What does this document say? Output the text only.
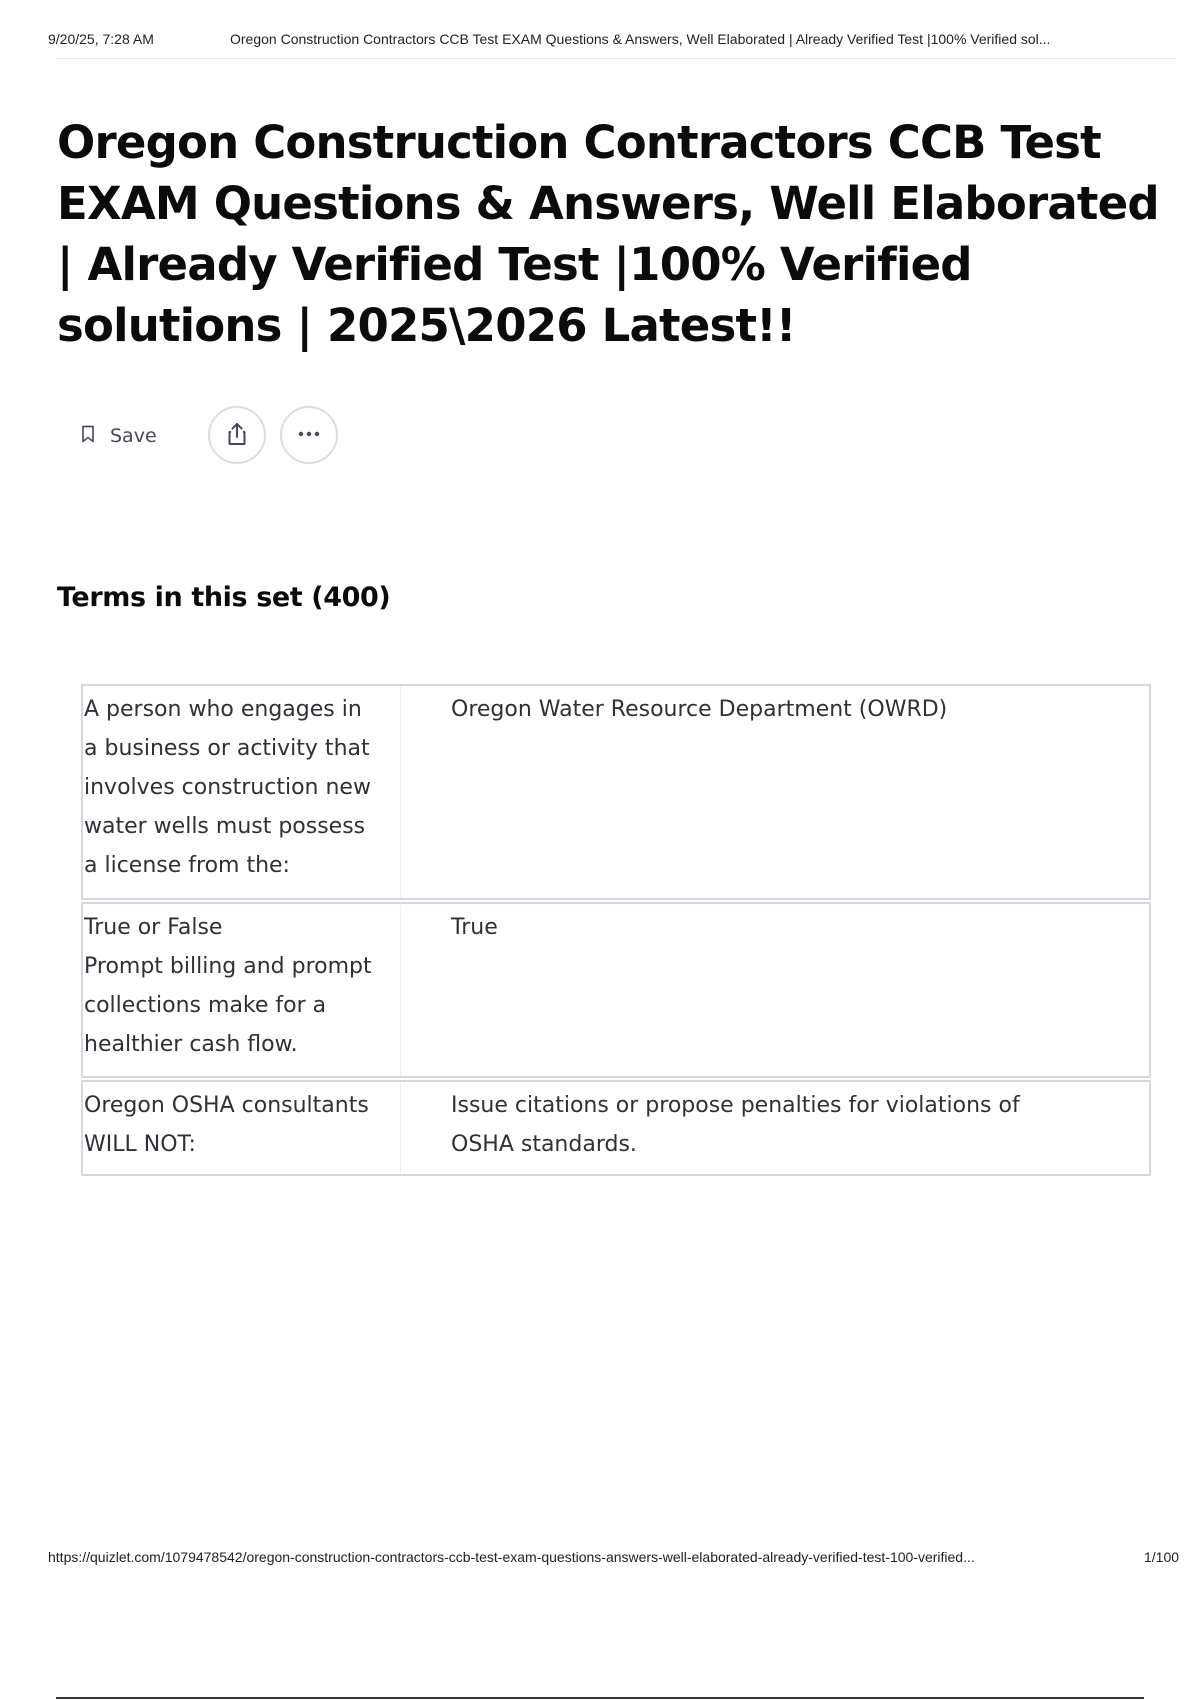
9/20/25, 7:28 AM	Oregon Construction Contractors CCB Test EXAM Questions & Answers, Well Elaborated | Already Verified Test |100% Verified sol...
Oregon Construction Contractors CCB Test EXAM Questions & Answers, Well Elaborated | Already Verified Test |100% Verified solutions | 2025\2026 Latest!!
Save
Terms in this set (400)
A person who engages in
a business or activity that
involves construction new
water wells must possess
a license from the:
Oregon Water Resource Department (OWRD)
True or False
Prompt billing and prompt
collections make for a
healthier cash flow.
True
Oregon OSHA consultants
WILL NOT:
Issue citations or propose penalties for violations of
OSHA standards.
https://quizlet.com/1079478542/oregon-construction-contractors-ccb-test-exam-questions-answers-well-elaborated-already-verified-test-100-verified...	1/100
